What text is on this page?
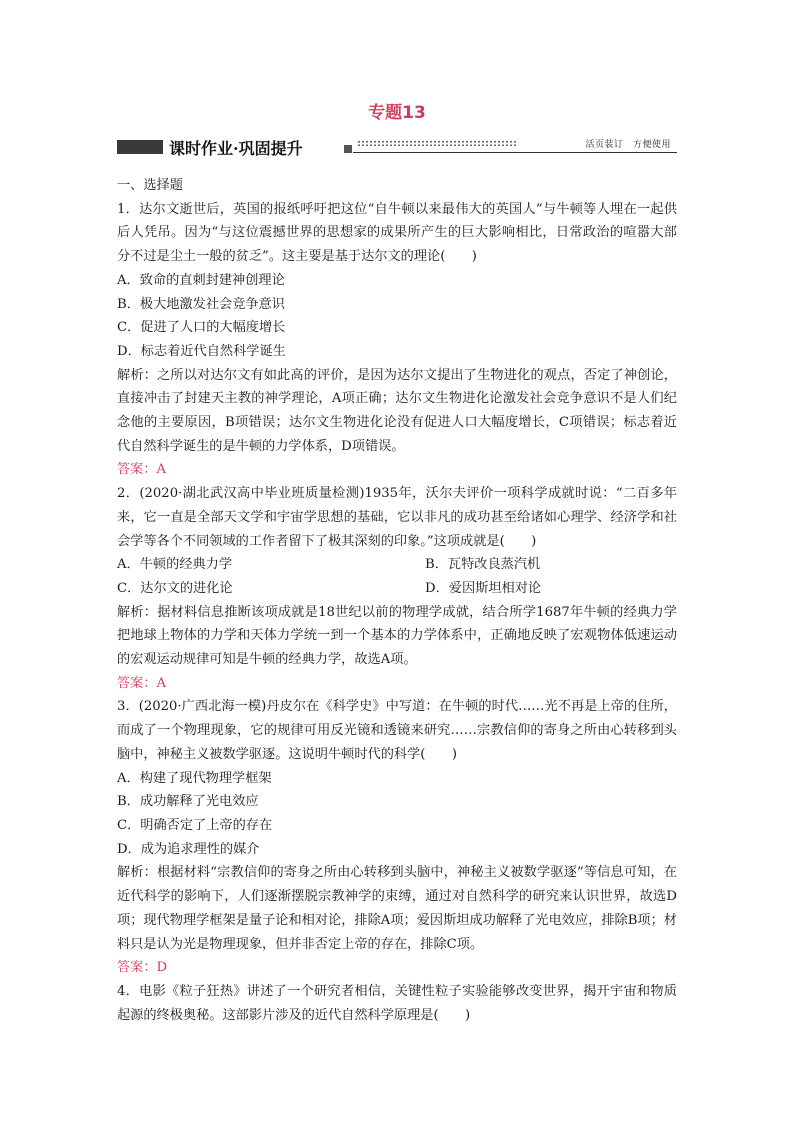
专题13
课时作业·巩固提升	活页装订　方便使用

一、选择题

1．达尔文逝世后，英国的报纸呼吁把这位“自牛顿以来最伟大的英国人”与牛顿等人埋在一起供后人凭吊。因为“与这位震撼世界的思想家的成果所产生的巨大影响相比，日常政治的喧嚣大部分不过是尘土一般的贫乏”。这主要是基于达尔文的理论(　　)

A．致命的直刺封建神创理论

B．极大地激发社会竞争意识

C．促进了人口的大幅度增长

D．标志着近代自然科学诞生

解析：之所以对达尔文有如此高的评价，是因为达尔文提出了生物进化的观点，否定了神创论，直接冲击了封建天主教的神学理论，A项正确；达尔文生物进化论激发社会竞争意识不是人们纪念他的主要原因，B项错误；达尔文生物进化论没有促进人口大幅度增长，C项错误；标志着近代自然科学诞生的是牛顿的力学体系，D项错误。

答案：A

2．(2020·湖北武汉高中毕业班质量检测)1935年，沃尔夫评价一项科学成就时说：“二百多年来，它一直是全部天文学和宇宙学思想的基础，它以非凡的成功甚至给诸如心理学、经济学和社会学等各个不同领域的工作者留下了极其深刻的印象。”这项成就是(　　)

A．牛顿的经典力学	B．瓦特改良蒸汽机

C．达尔文的进化论	D．爱因斯坦相对论

解析：据材料信息推断该项成就是18世纪以前的物理学成就，结合所学1687年牛顿的经典力学把地球上物体的力学和天体力学统一到一个基本的力学体系中，正确地反映了宏观物体低速运动的宏观运动规律可知是牛顿的经典力学，故选A项。

答案：A

3．(2020·广西北海一模)丹皮尔在《科学史》中写道：在牛顿的时代……光不再是上帝的住所，而成了一个物理现象，它的规律可用反光镜和透镜来研究……宗教信仰的寄身之所由心转移到头脑中，神秘主义被数学驱逐。这说明牛顿时代的科学(　　)

A．构建了现代物理学框架

B．成功解释了光电效应

C．明确否定了上帝的存在

D．成为追求理性的媒介

解析：根据材料“宗教信仰的寄身之所由心转移到头脑中，神秘主义被数学驱逐”等信息可知，在近代科学的影响下，人们逐渐摆脱宗教神学的束缚，通过对自然科学的研究来认识世界，故选D项；现代物理学框架是量子论和相对论，排除A项；爱因斯坦成功解释了光电效应，排除B项；材料只是认为光是物理现象，但并非否定上帝的存在，排除C项。

答案：D

4．电影《粒子狂热》讲述了一个研究者相信，关键性粒子实验能够改变世界，揭开宇宙和物质起源的终极奥秘。这部影片涉及的近代自然科学原理是(　　)
